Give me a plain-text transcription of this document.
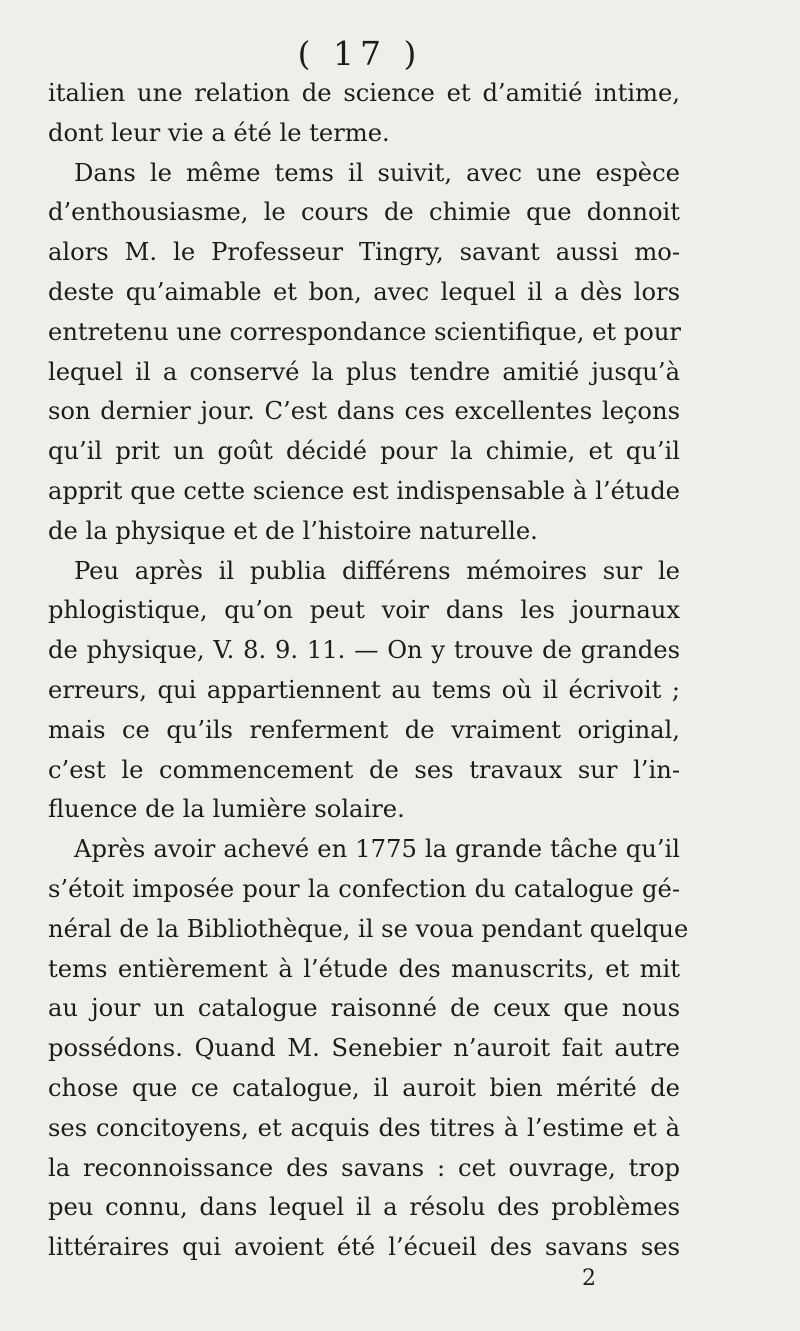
( 17 )
italien une relation de science et d’amitié intime,
dont leur vie a été le terme.
Dans le même tems il suivit, avec une espèce
d’enthousiasme, le cours de chimie que donnoit
alors M. le Professeur Tingry, savant aussi mo-
deste qu’aimable et bon, avec lequel il a dès lors
entretenu une correspondance scientifique, et pour
lequel il a conservé la plus tendre amitié jusqu’à
son dernier jour. C’est dans ces excellentes leçons
qu’il prit un goût décidé pour la chimie, et qu’il
apprit que cette science est indispensable à l’étude
de la physique et de l’histoire naturelle.
Peu après il publia différens mémoires sur le
phlogistique, qu’on peut voir dans les journaux
de physique, V. 8. 9. 11. — On y trouve de grandes
erreurs, qui appartiennent au tems où il écrivoit ;
mais ce qu’ils renferment de vraiment original,
c’est le commencement de ses travaux sur l’in-
fluence de la lumière solaire.
Après avoir achevé en 1775 la grande tâche qu’il
s’étoit imposée pour la confection du catalogue gé-
néral de la Bibliothèque, il se voua pendant quelque
tems entièrement à l’étude des manuscrits, et mit
au jour un catalogue raisonné de ceux que nous
possédons. Quand M. Senebier n’auroit fait autre
chose que ce catalogue, il auroit bien mérité de
ses concitoyens, et acquis des titres à l’estime et à
la reconnoissance des savans : cet ouvrage, trop
peu connu, dans lequel il a résolu des problèmes
littéraires qui avoient été l’écueil des savans ses
2
